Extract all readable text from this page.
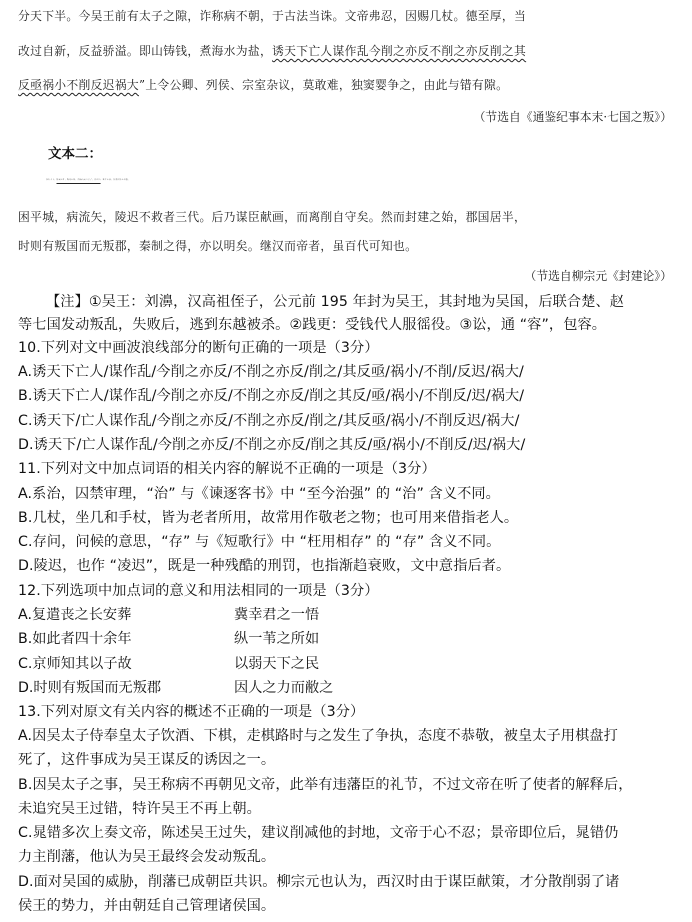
分天下半。今吴王前有太子之隙，诈称病不朝，于古法当诛。文帝弗忍，因赐几杖。德至厚，当
改过自新，反益骄溢。即山铸钱，煮海水为盐，诱天下亡人谋作乱今削之亦反不削之亦反削之其
反亟祸小不削反迟祸大”上令公卿、列侯、宗室杂议，莫敢难，独窦婴争之，由此与错有隙。
（节选自《通鉴纪事本末·七国之叛》）
文本二：
汉有天下，矫秦之枉，徇周之制，剖海内而立宗子，封功臣。数年之间，奔命扶伤之不暇，
困平城，病流矢，陵迟不救者三代。后乃谋臣献画，而离削自守矣。然而封建之始，郡国居半，
时则有叛国而无叛郡，秦制之得，亦以明矣。继汉而帝者，虽百代可知也。
（节选自柳宗元《封建论》）
【注】①吴王：刘濞，汉高祖侄子，公元前 195 年封为吴王，其封地为吴国，后联合楚、赵
等七国发动叛乱，失败后，逃到东越被杀。②践更：受钱代人服徭役。③讼，通 “容”，包容。
10.下列对文中画波浪线部分的断句正确的一项是（3分）
A.诱天下亡人/谋作乱/今削之亦反/不削之亦反/削之/其反亟/祸小/不削/反迟/祸大/
B.诱天下亡人/谋作乱/今削之亦反/不削之亦反/削之其反/亟/祸小/不削反/迟/祸大/
C.诱天下/亡人谋作乱/今削之亦反/不削之亦反/削之/其反亟/祸小/不削反迟/祸大/
D.诱天下/亡人谋作乱/今削之亦反/不削之亦反/削之其反/亟/祸小/不削反/迟/祸大/
11.下列对文中加点词语的相关内容的解说不正确的一项是（3分）
A.系治，囚禁审理，“治” 与《谏逐客书》中 “至今治强” 的 “治” 含义不同。
B.几杖，坐几和手杖，皆为老者所用，故常用作敬老之物；也可用来借指老人。
C.存问，问候的意思，“存” 与《短歌行》中 “枉用相存” 的 “存” 含义不同。
D.陵迟，也作 “凌迟”，既是一种残酷的刑罚，也指渐趋衰败，文中意指后者。
12.下列选项中加点词的意义和用法相同的一项是（3分）
A.复遣丧之长安葬	冀幸君之一悟
B.如此者四十余年	纵一苇之所如
C.京师知其以子故	以弱天下之民
D.时则有叛国而无叛郡	因人之力而敝之
13.下列对原文有关内容的概述不正确的一项是（3分）
A.因吴太子侍奉皇太子饮酒、下棋，走棋路时与之发生了争执，态度不恭敬，被皇太子用棋盘打
死了，这件事成为吴王谋反的诱因之一。
B.因吴太子之事，吴王称病不再朝见文帝，此举有违藩臣的礼节，不过文帝在听了使者的解释后，
未追究吴王过错，特许吴王不再上朝。
C.晁错多次上奏文帝，陈述吴王过失，建议削减他的封地，文帝于心不忍；景帝即位后，晁错仍
力主削藩，他认为吴王最终会发动叛乱。
D.面对吴国的威胁，削藩已成朝臣共识。柳宗元也认为，西汉时由于谋臣献策，才分散削弱了诸
侯王的势力，并由朝廷自己管理诸侯国。
